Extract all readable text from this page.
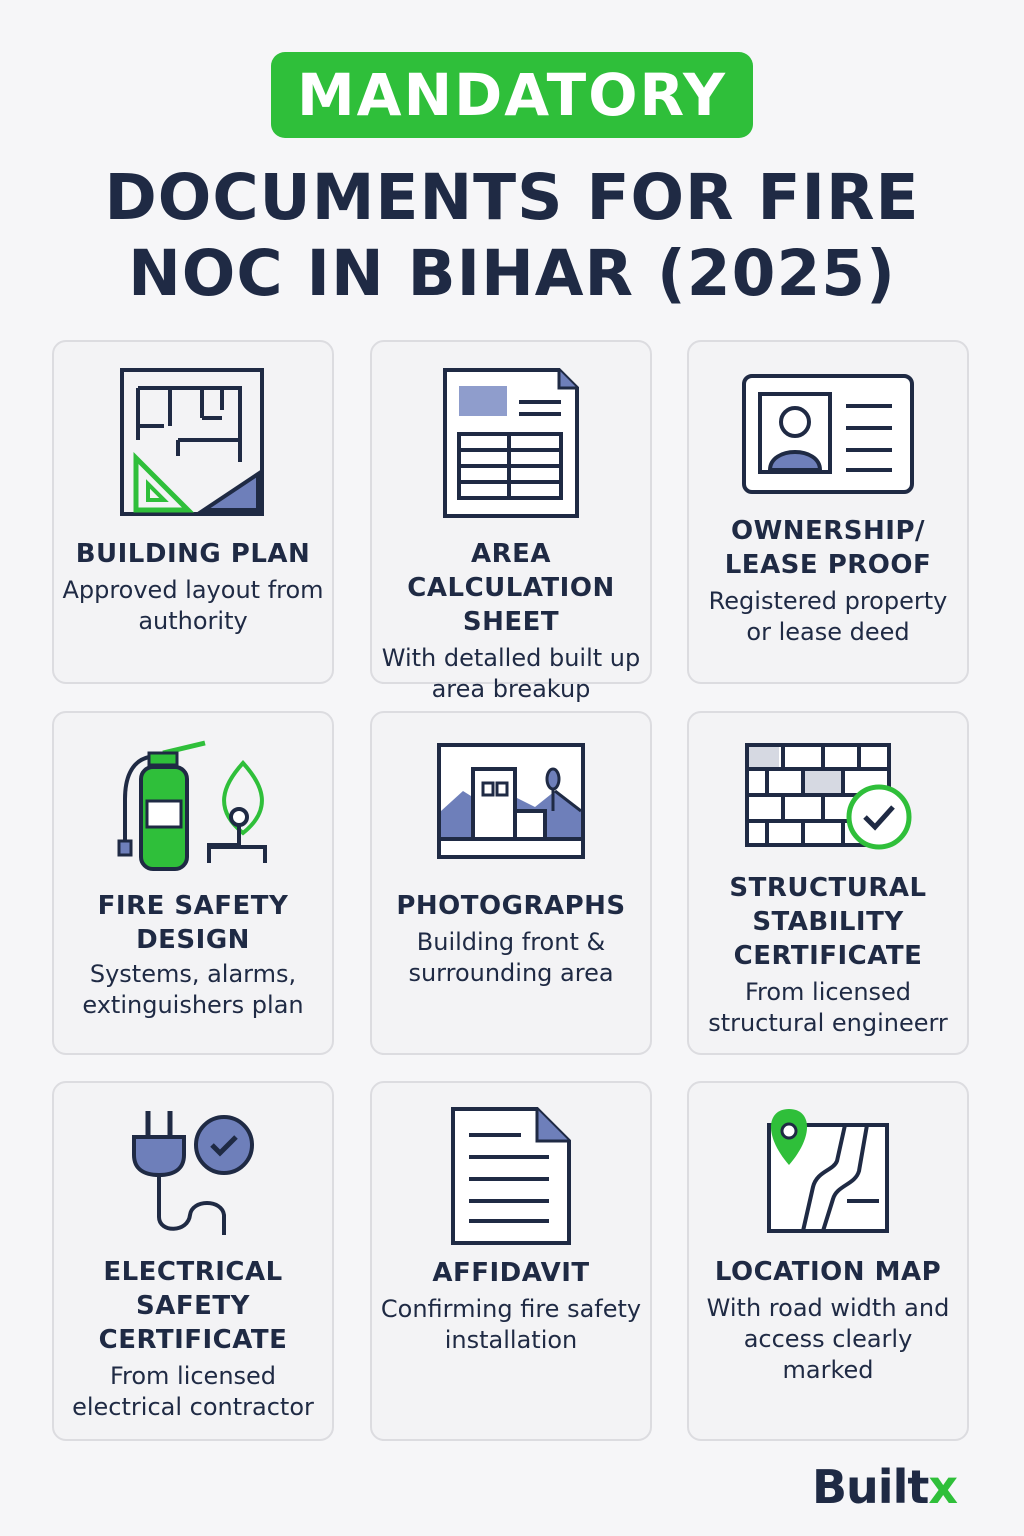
MANDATORY
DOCUMENTS FOR FIRE
NOC IN BIHAR (2025)
BUILDING PLAN

Approved layout from authority

AREA CALCULATION SHEET

With detalled built up area breakup

OWNERSHIP/ LEASE PROOF

Registered property or lease deed

FIRE SAFETY DESIGN

Systems, alarms, extinguishers plan

PHOTOGRAPHS

Building front & surrounding area

STRUCTURAL STABILITY CERTIFICATE

From licensed structural engineerr

ELECTRICAL SAFETY CERTIFICATE

From licensed electrical contractor

AFFIDAVIT

Confirming fire safety installation

LOCATION MAP

With road width and access clearly marked

Builtx
